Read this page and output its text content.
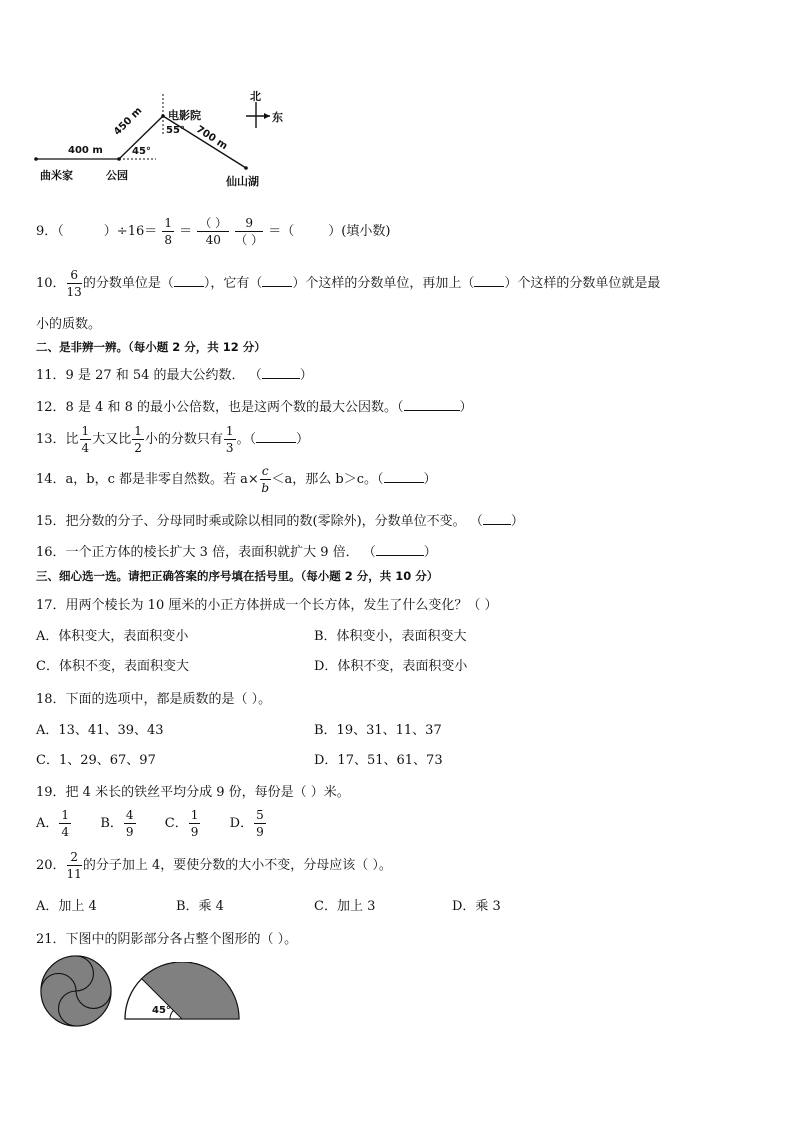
北
东
电影院
曲米家	公园	仙山湖
400 m
450 m
700 m
45°
55°
9．（	）$\div 16= \frac{1}{8} = \frac{( )}{40}$
$\frac{9}{( )}$ ＝（	）(填小数)
10． $\frac{6}{13}$ 的分数单位是（ ），它有（ ）个这样的分数单位，再加上（ ）个这样的分数单位就是最
小的质数。
二、是非辨一辨。（每小题 2 分，共 12 分）
11．9 是 27 和 54 的最大公约数． （	）
12．8 是 4 和 8 的最小公倍数，也是这两个数的最大公因数。（	）
13．比 $\frac{1}{4}$ 大又比 $\frac{1}{2}$ 小的分数只有 $\frac{1}{3}$ 。（	）
14．a，b，c 都是非零自然数。若 $a\times \frac{c}{b} <a$，那么 b＞c。（	）
15．把分数的分子、分母同时乘或除以相同的数(零除外)，分数单位不变。 （ ）
16．一个正方体的棱长扩大 3 倍，表面积就扩大 9 倍． （	）
三、细心选一选。请把正确答案的序号填在括号里。（每小题 2 分，共 10 分）
17．用两个棱长为 10 厘米的小正方体拼成一个长方体，发生了什么变化？（ ）
A．体积变大，表面积变小	B．体积变小，表面积变大
C．体积不变，表面积变大	D．体积不变，表面积变小
18．下面的选项中，都是质数的是（ ）。
A．13、41、39、43	B．19、31、11、37
C．1、29、67、97	D．17、51、61、73
19．把 4 米长的铁丝平均分成 9 份，每份是（ ）米。
A． $\frac{1}{4}$ B． $\frac{4}{9}$ C． $\frac{1}{9}$ D． $\frac{5}{9}$
20． $\frac{2}{11}$ 的分子加上 4，要使分数的大小不变，分母应该（ ）。
A．加上 4	B．乘 4	C．加上 3	D．乘 3
21．下图中的阴影部分各占整个图形的（ ）。
45°
